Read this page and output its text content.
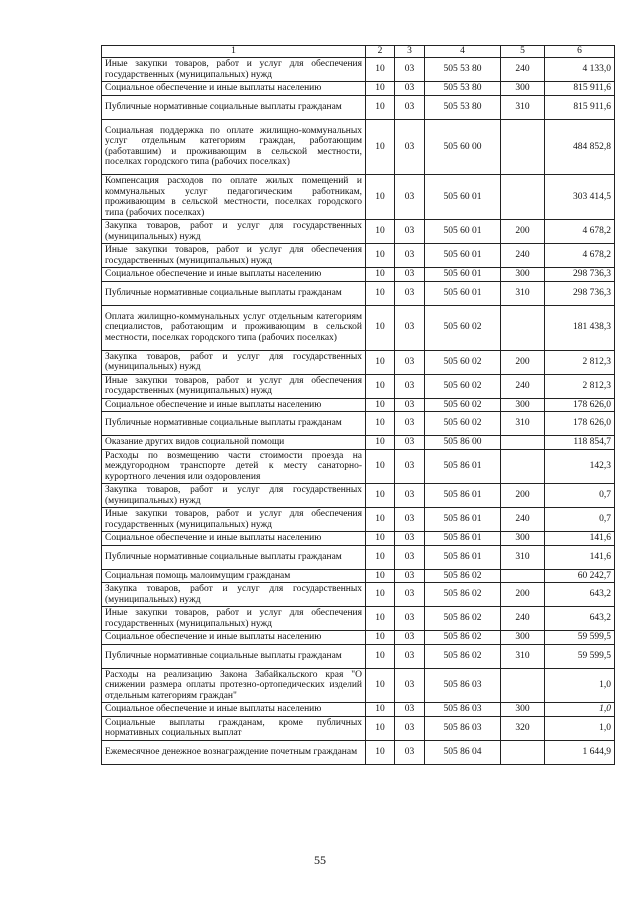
1	2	3	4	5	6
Иные закупки товаров, работ и услуг для обеспечения государственных (муниципальных) нужд	10	03	505 53 80	240	4 133,0
Социальное обеспечение и иные выплаты населению	10	03	505 53 80	300	815 911,6
Публичные нормативные социальные выплаты гражданам	10	03	505 53 80	310	815 911,6
Социальная поддержка по оплате жилищно-коммунальных услуг отдельным категориям граждан, работающим (работавшим) и проживающим в сельской местности, поселках городского типа (рабочих поселках)	10	03	505 60 00		484 852,8
Компенсация расходов по оплате жилых помещений и коммунальных услуг педагогическим работникам, проживающим в сельской местности, поселках городского типа (рабочих поселках)	10	03	505 60 01		303 414,5
Закупка товаров, работ и услуг для государственных (муниципальных) нужд	10	03	505 60 01	200	4 678,2
Иные закупки товаров, работ и услуг для обеспечения государственных (муниципальных) нужд	10	03	505 60 01	240	4 678,2
Социальное обеспечение и иные выплаты населению	10	03	505 60 01	300	298 736,3
Публичные нормативные социальные выплаты гражданам	10	03	505 60 01	310	298 736,3
Оплата жилищно-коммунальных услуг отдельным категориям специалистов, работающим и проживающим в сельской местности, поселках городского типа (рабочих поселках)	10	03	505 60 02		181 438,3
Закупка товаров, работ и услуг для государственных (муниципальных) нужд	10	03	505 60 02	200	2 812,3
Иные закупки товаров, работ и услуг для обеспечения государственных (муниципальных) нужд	10	03	505 60 02	240	2 812,3
Социальное обеспечение и иные выплаты населению	10	03	505 60 02	300	178 626,0
Публичные нормативные социальные выплаты гражданам	10	03	505 60 02	310	178 626,0
Оказание других видов социальной помощи	10	03	505 86 00		118 854,7
Расходы по возмещению части стоимости проезда на междугородном транспорте детей к месту санаторно-курортного лечения или оздоровления	10	03	505 86 01		142,3
Закупка товаров, работ и услуг для государственных (муниципальных) нужд	10	03	505 86 01	200	0,7
Иные закупки товаров, работ и услуг для обеспечения государственных (муниципальных) нужд	10	03	505 86 01	240	0,7
Социальное обеспечение и иные выплаты населению	10	03	505 86 01	300	141,6
Публичные нормативные социальные выплаты гражданам	10	03	505 86 01	310	141,6
Социальная помощь малоимущим гражданам	10	03	505 86 02		60 242,7
Закупка товаров, работ и услуг для государственных (муниципальных) нужд	10	03	505 86 02	200	643,2
Иные закупки товаров, работ и услуг для обеспечения государственных (муниципальных) нужд	10	03	505 86 02	240	643,2
Социальное обеспечение и иные выплаты населению	10	03	505 86 02	300	59 599,5
Публичные нормативные социальные выплаты гражданам	10	03	505 86 02	310	59 599,5
Расходы на реализацию Закона Забайкальского края "О снижении размера оплаты протезно-ортопедических изделий отдельным категориям граждан"	10	03	505 86 03		1,0
Социальное обеспечение и иные выплаты населению	10	03	505 86 03	300	1,0
Социальные выплаты гражданам, кроме публичных нормативных социальных выплат	10	03	505 86 03	320	1,0
Ежемесячное денежное вознаграждение почетным гражданам	10	03	505 86 04		1 644,9
55
